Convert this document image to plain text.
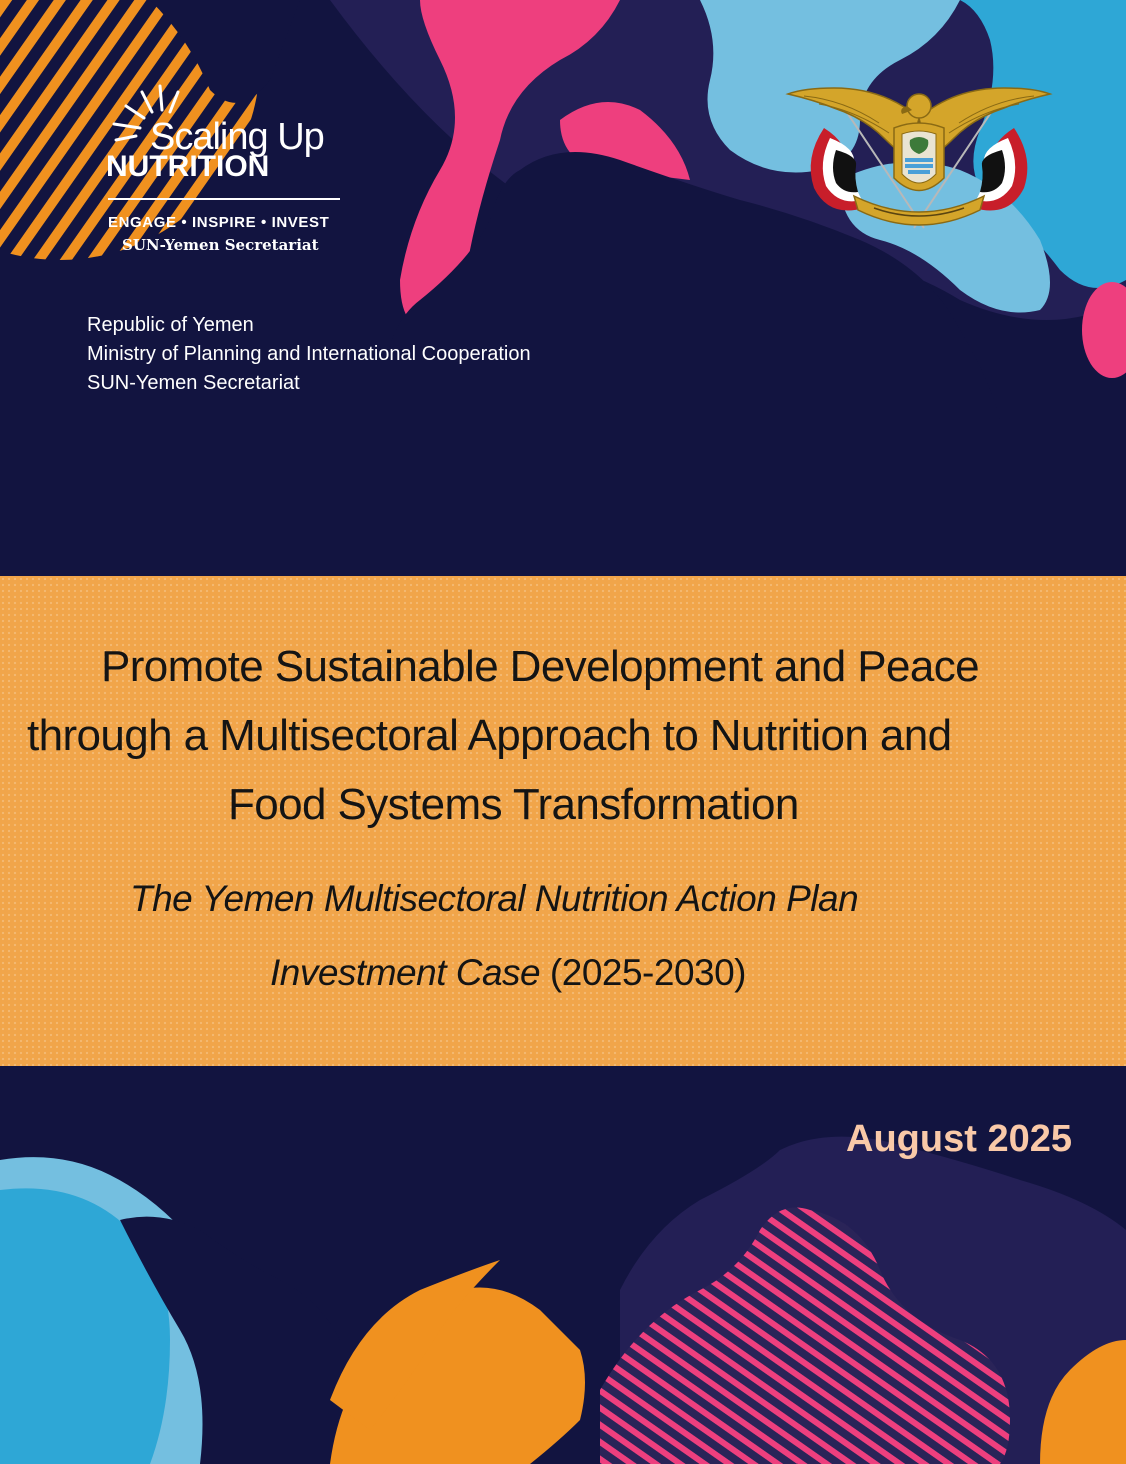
Scaling Up
NUTRITION
ENGAGE • INSPIRE • INVEST
SUN-Yemen Secretariat
Republic of Yemen
Ministry of Planning and International Cooperation
SUN-Yemen Secretariat
Promote Sustainable Development and Peace
through a Multisectoral Approach to Nutrition and
Food Systems Transformation
The Yemen Multisectoral Nutrition Action Plan
Investment Case (2025-2030)
August 2025
